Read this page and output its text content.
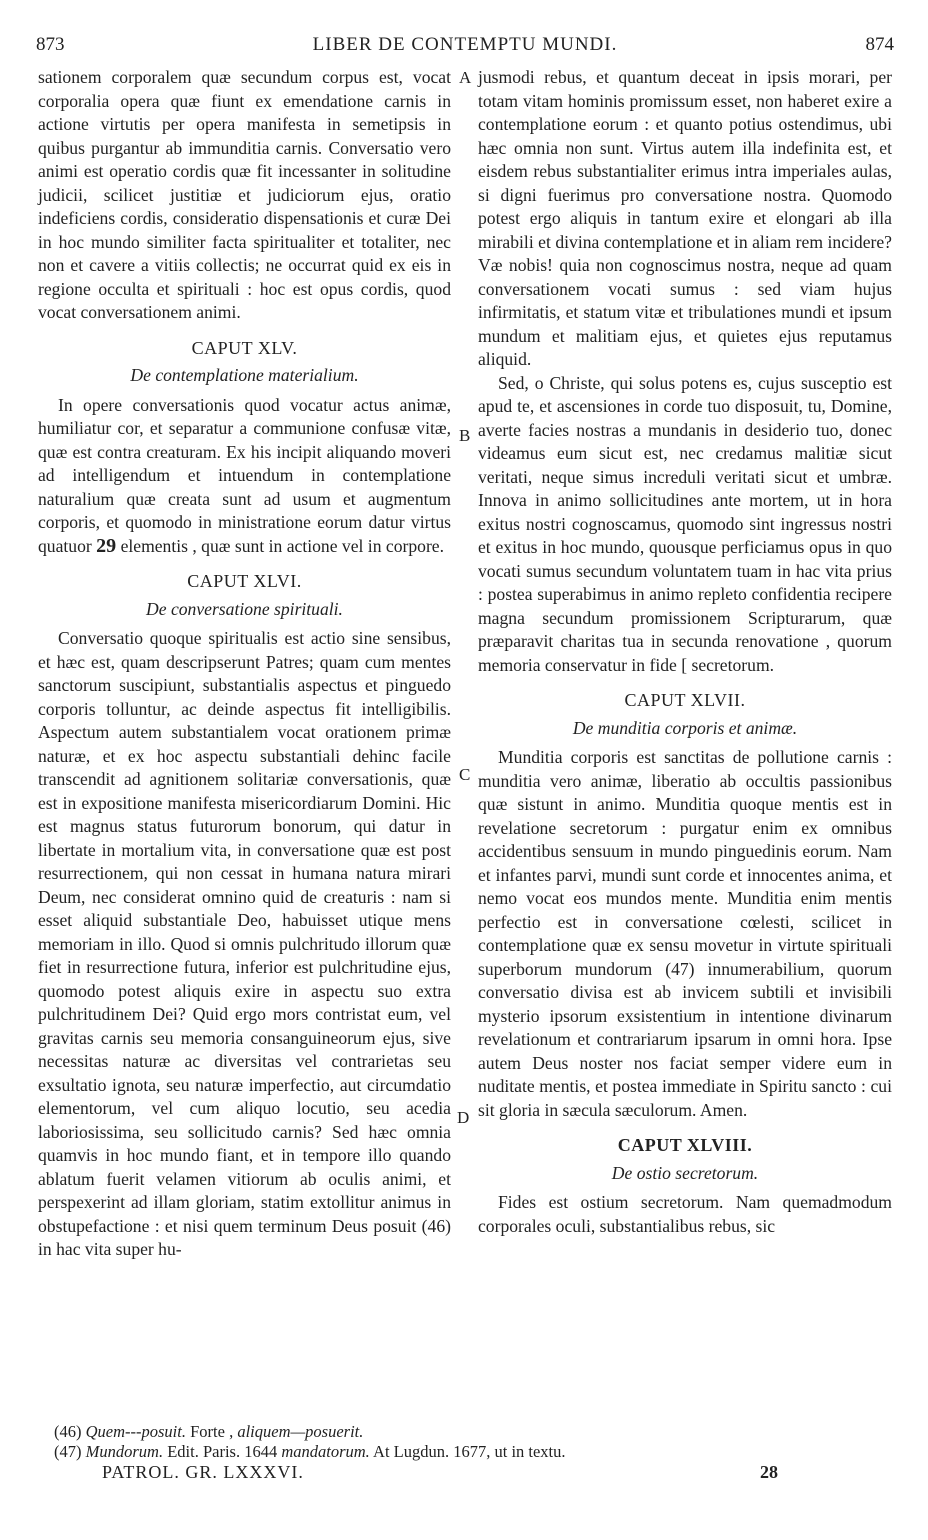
873	LIBER DE CONTEMPTU MUNDI.	874

sationem corporalem quæ secundum corpus est, vocat corporalia opera quæ fiunt ex emendatione carnis in actione virtutis per opera manifesta in semetipsis in quibus purgantur ab immunditia carnis. Conversatio vero animi est operatio cordis quæ fit incessanter in solitudine judicii, scilicet justitiæ et judiciorum ejus, oratio indeficiens cordis, consideratio dispensationis et curæ Dei in hoc mundo similiter facta spiritualiter et totaliter, nec non et cavere a vitiis collectis; ne occurrat quid ex eis in regione occulta et spirituali : hoc est opus cordis, quod vocat conversationem animi.

CAPUT XLV.
De contemplatione materialium.

In opere conversationis quod vocatur actus animæ, humiliatur cor, et separatur a communione confusæ vitæ, quæ est contra creaturam. Ex his incipit aliquando moveri ad intelligendum et intuendum in contemplatione naturalium quæ creata sunt ad usum et augmentum corporis, et quomodo in ministratione eorum datur virtus quatuor 29 elementis , quæ sunt in actione vel in corpore.

CAPUT XLVI.
De conversatione spirituali.

Conversatio quoque spiritualis est actio sine sensibus, et hæc est, quam descripserunt Patres; quam cum mentes sanctorum suscipiunt, substantialis aspectus et pinguedo corporis tolluntur, ac deinde aspectus fit intelligibilis. Aspectum autem substantialem vocat orationem primæ naturæ, et ex hoc aspectu substantiali dehinc facile transcendit ad agnitionem solitariæ conversationis, quæ est in expositione manifesta misericordiarum Domini. Hic est magnus status futurorum bonorum, qui datur in libertate in mortalium vita, in conversatione quæ est post resurrectionem, qui non cessat in humana natura mirari Deum, nec considerat omnino quid de creaturis : nam si esset aliquid substantiale Deo, habuisset utique mens memoriam in illo. Quod si omnis pulchritudo illorum quæ fiet in resurrectione futura, inferior est pulchritudine ejus, quomodo potest aliquis exire in aspectu suo extra pulchritudinem Dei? Quid ergo mors contristat eum, vel gravitas carnis seu memoria consanguineorum ejus, sive necessitas naturæ ac diversitas vel contrarietas seu exsultatio ignota, seu naturæ imperfectio, aut circumdatio elementorum, vel cum aliquo locutio, seu acedia laboriosissima, seu sollicitudo carnis? Sed hæc omnia quamvis in hoc mundo fiant, et in tempore illo quando ablatum fuerit velamen vitiorum ab oculis animi, et perspexerint ad illam gloriam, statim extollitur animus in obstupefactione : et nisi quem terminum Deus posuit (46) in hac vita super hu-

A
B
C
D

jusmodi rebus, et quantum deceat in ipsis morari, per totam vitam hominis promissum esset, non haberet exire a contemplatione eorum : et quanto potius ostendimus, ubi hæc omnia non sunt. Virtus autem illa indefinita est, et eisdem rebus substantialiter erimus intra imperiales aulas, si digni fuerimus pro conversatione nostra. Quomodo potest ergo aliquis in tantum exire et elongari ab illa mirabili et divina contemplatione et in aliam rem incidere? Væ nobis! quia non cognoscimus nostra, neque ad quam conversationem vocati sumus : sed viam hujus infirmitatis, et statum vitæ et tribulationes mundi et ipsum mundum et malitiam ejus, et quietes ejus reputamus aliquid.

Sed, o Christe, qui solus potens es, cujus susceptio est apud te, et ascensiones in corde tuo disposuit, tu, Domine, averte facies nostras a mundanis in desiderio tuo, donec videamus eum sicut est, nec credamus malitiæ sicut veritati, neque simus increduli veritati sicut et umbræ. Innova in animo sollicitudines ante mortem, ut in hora exitus nostri cognoscamus, quomodo sint ingressus nostri et exitus in hoc mundo, quousque perficiamus opus in quo vocati sumus secundum voluntatem tuam in hac vita prius : postea superabimus in animo repleto confidentia recipere magna secundum promissionem Scripturarum, quæ præparavit charitas tua in secunda renovatione , quorum memoria conservatur in fide [ secretorum.

CAPUT XLVII.
De munditia corporis et animæ.

Munditia corporis est sanctitas de pollutione carnis : munditia vero animæ, liberatio ab occultis passionibus quæ sistunt in animo. Munditia quoque mentis est in revelatione secretorum : purgatur enim ex omnibus accidentibus sensuum in mundo pinguedinis eorum. Nam et infantes parvi, mundi sunt corde et innocentes anima, et nemo vocat eos mundos mente. Munditia enim mentis perfectio est in conversatione cœlesti, scilicet in contemplatione quæ ex sensu movetur in virtute spirituali superborum mundorum (47) innumerabilium, quorum conversatio divisa est ab invicem subtili et invisibili mysterio ipsorum exsistentium in intentione divinarum revelationum et contrariarum ipsarum in omni hora. Ipse autem Deus noster nos faciat semper videre eum in nuditate mentis, et postea immediate in Spiritu sancto : cui sit gloria in sæcula sæculorum. Amen.

CAPUT XLVIII.
De ostio secretorum.

Fides est ostium secretorum. Nam quemadmodum corporales oculi, substantialibus rebus, sic

(46) Quem---posuit. Forte , aliquem—posuerit.
(47) Mundorum. Edit. Paris. 1644 mandatorum. At Lugdun. 1677, ut in textu.
PATROL. GR. LXXXVI.	28
